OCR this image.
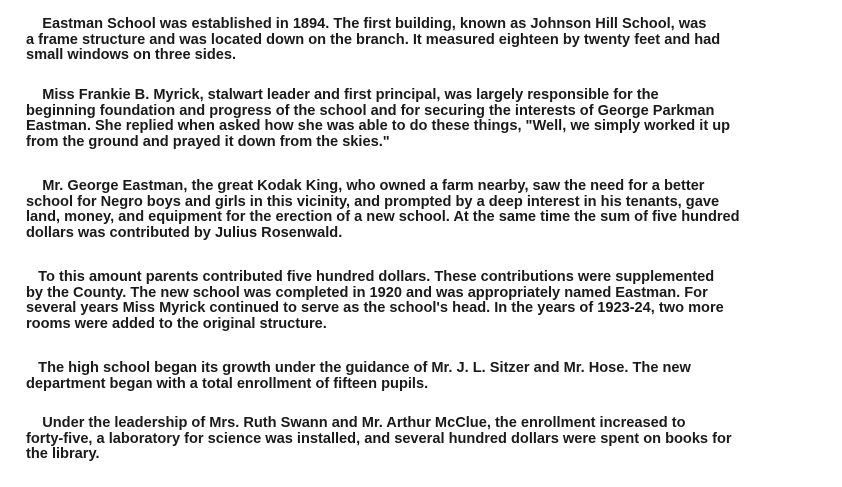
Eastman School was established in 1894. The first building, known as Johnson Hill School, was
a frame structure and was located down on the branch. It measured eighteen by twenty feet and had
small windows on three sides.

Miss Frankie B. Myrick, stalwart leader and first principal, was largely responsible for the
beginning foundation and progress of the school and for securing the interests of George Parkman
Eastman. She replied when asked how she was able to do these things, "Well, we simply worked it up
from the ground and prayed it down from the skies."

Mr. George Eastman, the great Kodak King, who owned a farm nearby, saw the need for a better
school for Negro boys and girls in this vicinity, and prompted by a deep interest in his tenants, gave
land, money, and equipment for the erection of a new school. At the same time the sum of five hundred
dollars was contributed by Julius Rosenwald.

To this amount parents contributed five hundred dollars. These contributions were supplemented
by the County. The new school was completed in 1920 and was appropriately named Eastman. For
several years Miss Myrick continued to serve as the school's head. In the years of 1923-24, two more
rooms were added to the original structure.

The high school began its growth under the guidance of Mr. J. L. Sitzer and Mr. Hose. The new
department began with a total enrollment of fifteen pupils.

Under the leadership of Mrs. Ruth Swann and Mr. Arthur McClue, the enrollment increased to
forty-five, a laboratory for science was installed, and several hundred dollars were spent on books for
the library.
